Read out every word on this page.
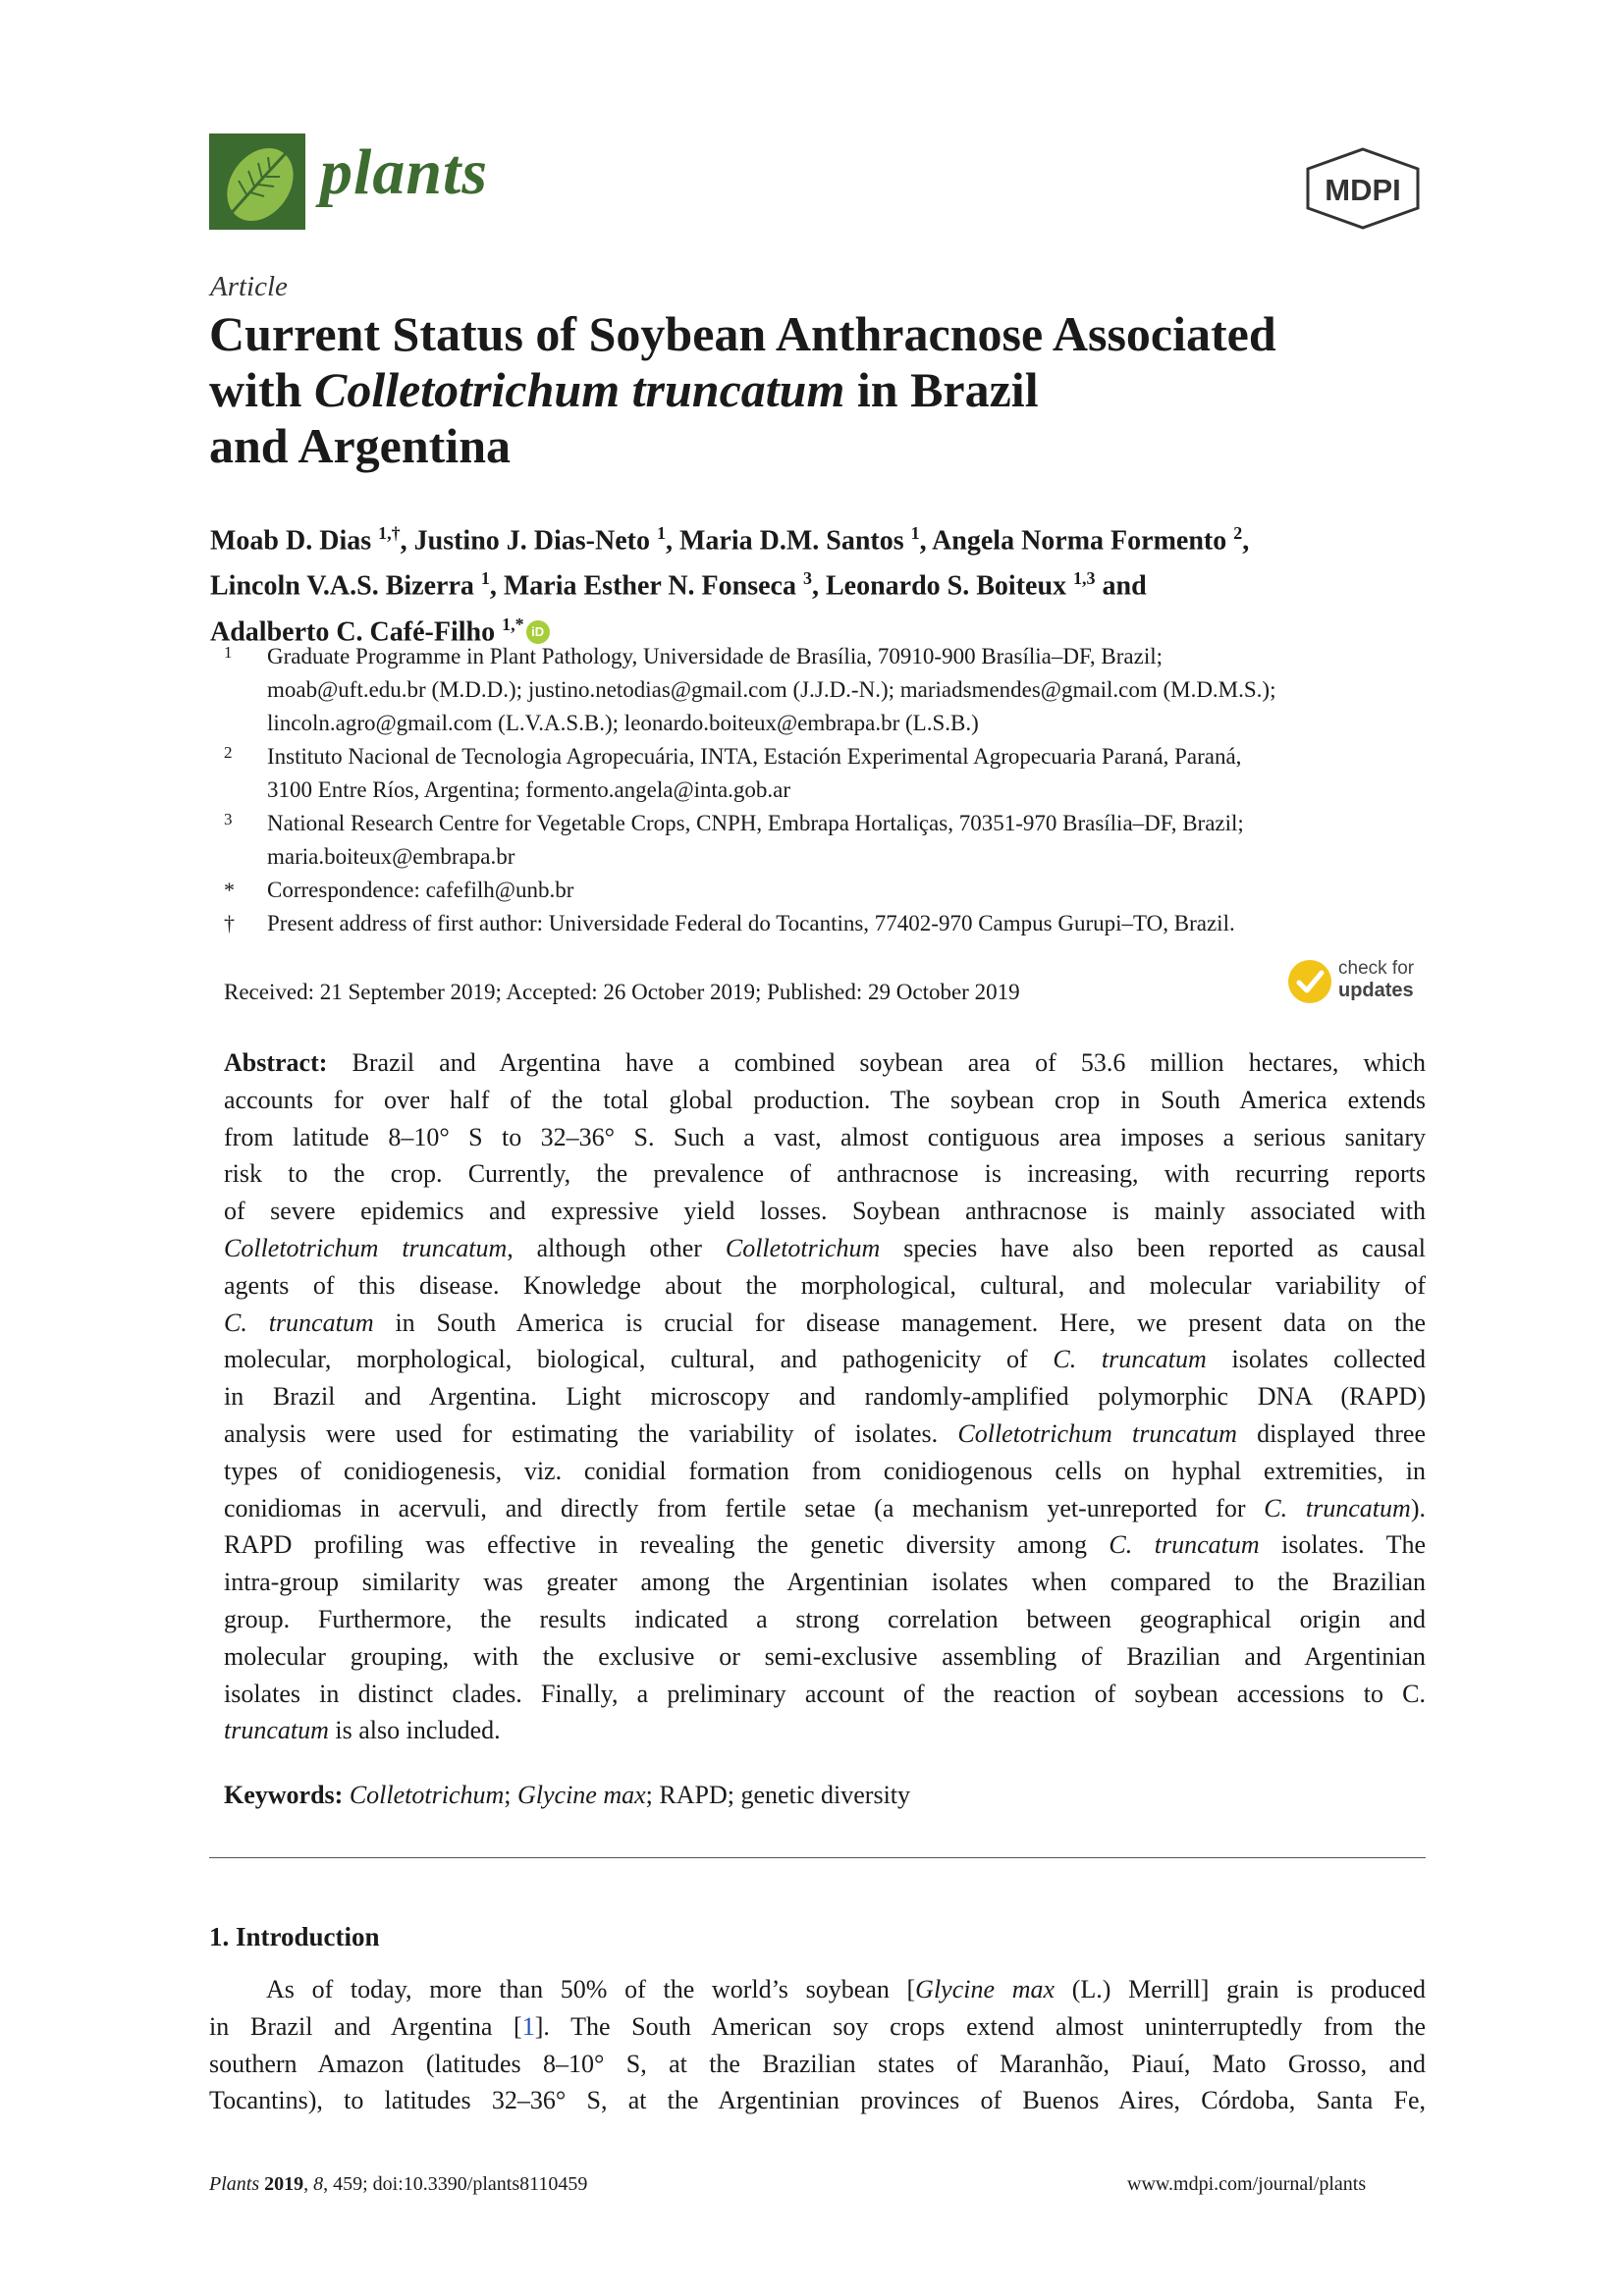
plants	MDPI
Article
Current Status of Soybean Anthracnose Associated
with Colletotrichum truncatum in Brazil
and Argentina
Moab D. Dias $^{1,\dagger}$, Justino J. Dias-Neto $^1$, Maria D.M. Santos $^1$, Angela Norma Formento $^2$,
Lincoln V.A.S. Bizerra $^1$, Maria Esther N. Fonseca $^3$, Leonardo S. Boiteux $^{1,3}$ and
Adalberto C. Café-Filho $^{1,*}$ iD
1 Graduate Programme in Plant Pathology, Universidade de Brasília, 70910-900 Brasília–DF, Brazil;
moab@uft.edu.br (M.D.D.); justino.netodias@gmail.com (J.J.D.-N.); mariadsmendes@gmail.com (M.D.M.S.);
lincoln.agro@gmail.com (L.V.A.S.B.); leonardo.boiteux@embrapa.br (L.S.B.)
2 Instituto Nacional de Tecnologia Agropecuária, INTA, Estación Experimental Agropecuaria Paraná, Paraná,
3100 Entre Ríos, Argentina; formento.angela@inta.gob.ar
3 National Research Centre for Vegetable Crops, CNPH, Embrapa Hortaliças, 70351-970 Brasília–DF, Brazil;
maria.boiteux@embrapa.br
* Correspondence: cafefilh@unb.br
† Present address of first author: Universidade Federal do Tocantins, 77402-970 Campus Gurupi–TO, Brazil.
Received: 21 September 2019; Accepted: 26 October 2019; Published: 29 October 2019
check for
updates
Abstract: Brazil and Argentina have a combined soybean area of 53.6 million hectares, which
accounts for over half of the total global production. The soybean crop in South America extends
from latitude 8–10° S to 32–36° S. Such a vast, almost contiguous area imposes a serious sanitary
risk to the crop. Currently, the prevalence of anthracnose is increasing, with recurring reports
of severe epidemics and expressive yield losses. Soybean anthracnose is mainly associated with
Colletotrichum truncatum, although other Colletotrichum species have also been reported as causal
agents of this disease. Knowledge about the morphological, cultural, and molecular variability of
C. truncatum in South America is crucial for disease management. Here, we present data on the
molecular, morphological, biological, cultural, and pathogenicity of C. truncatum isolates collected
in Brazil and Argentina. Light microscopy and randomly-amplified polymorphic DNA (RAPD)
analysis were used for estimating the variability of isolates. Colletotrichum truncatum displayed three
types of conidiogenesis, viz. conidial formation from conidiogenous cells on hyphal extremities, in
conidiomas in acervuli, and directly from fertile setae (a mechanism yet-unreported for C. truncatum).
RAPD profiling was effective in revealing the genetic diversity among C. truncatum isolates. The
intra-group similarity was greater among the Argentinian isolates when compared to the Brazilian
group. Furthermore, the results indicated a strong correlation between geographical origin and
molecular grouping, with the exclusive or semi-exclusive assembling of Brazilian and Argentinian
isolates in distinct clades. Finally, a preliminary account of the reaction of soybean accessions to C.
truncatum is also included.
Keywords: Colletotrichum; Glycine max; RAPD; genetic diversity
1. Introduction
As of today, more than 50% of the world’s soybean [Glycine max (L.) Merrill] grain is produced
in Brazil and Argentina [1]. The South American soy crops extend almost uninterruptedly from the
southern Amazon (latitudes 8–10° S, at the Brazilian states of Maranhão, Piauí, Mato Grosso, and
Tocantins), to latitudes 32–36° S, at the Argentinian provinces of Buenos Aires, Córdoba, Santa Fe,
Plants 2019, 8, 459; doi:10.3390/plants8110459	www.mdpi.com/journal/plants
